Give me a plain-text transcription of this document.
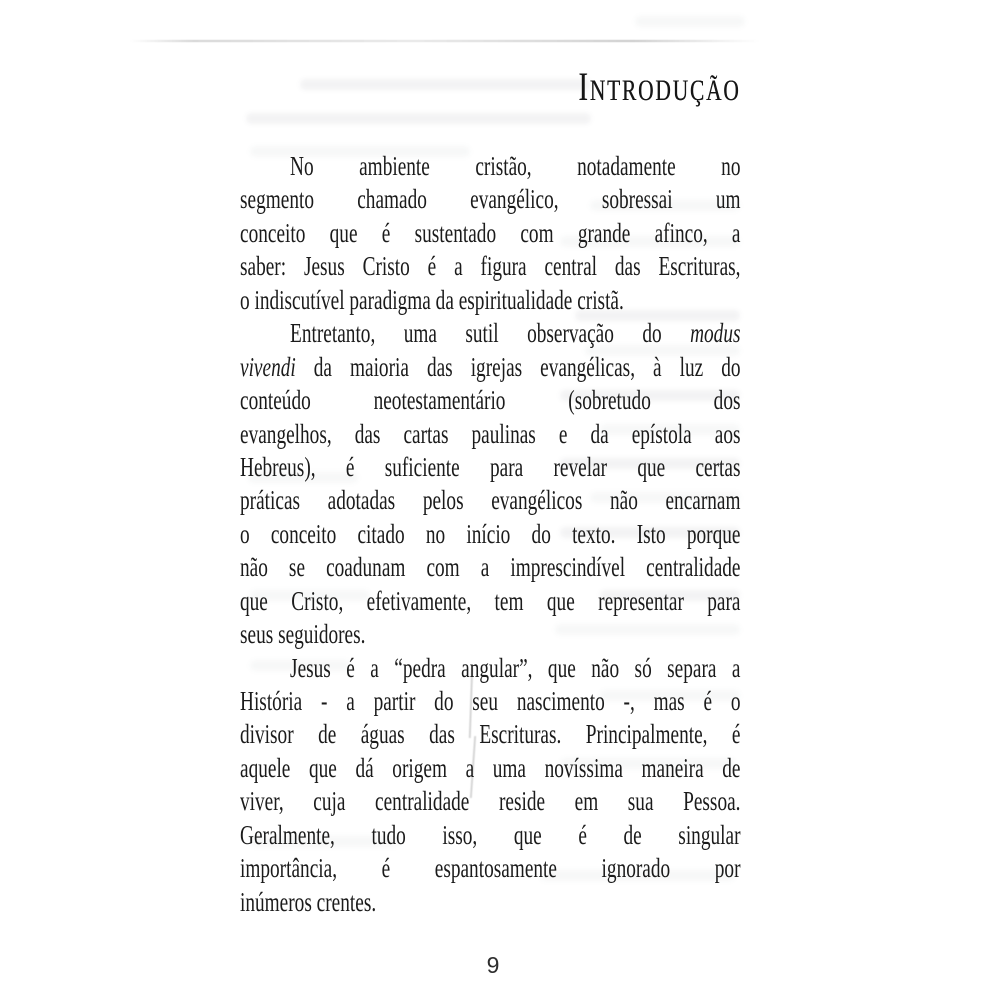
INTRODUÇÃO
No ambiente cristão, notadamente no
segmento chamado evangélico, sobressai um
conceito que é sustentado com grande afinco, a
saber: Jesus Cristo é a figura central das Escrituras,
o indiscutível paradigma da espiritualidade cristã.
Entretanto, uma sutil observação do modus
vivendi da maioria das igrejas evangélicas, à luz do
conteúdo neotestamentário (sobretudo dos
evangelhos, das cartas paulinas e da epístola aos
Hebreus), é suficiente para revelar que certas
práticas adotadas pelos evangélicos não encarnam
o conceito citado no início do texto. Isto porque
não se coadunam com a imprescindível centralidade
que Cristo, efetivamente, tem que representar para
seus seguidores.
Jesus é a “pedra angular”, que não só separa a
História - a partir do seu nascimento -, mas é o
divisor de águas das Escrituras. Principalmente, é
aquele que dá origem a uma novíssima maneira de
viver, cuja centralidade reside em sua Pessoa.
Geralmente, tudo isso, que é de singular
importância, é espantosamente ignorado por
inúmeros crentes.
9
